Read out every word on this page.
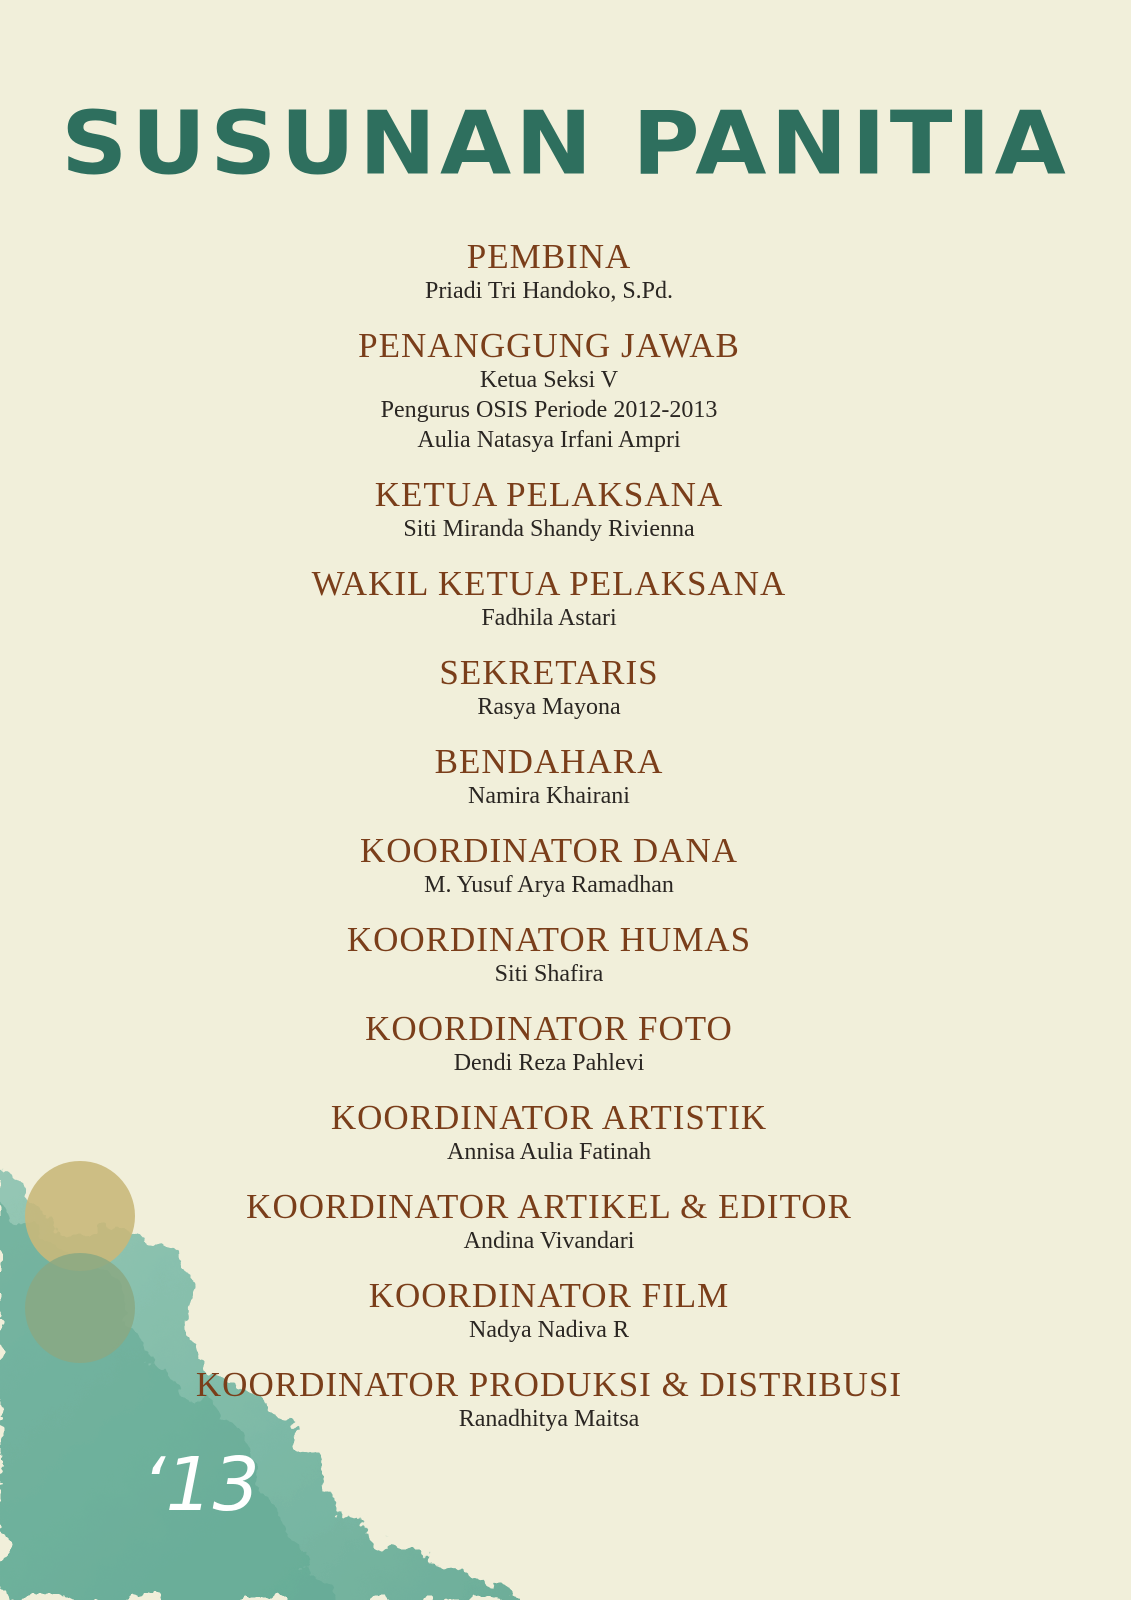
‘13
SUSUNAN PANITIA
PEMBINA
Priadi Tri Handoko, S.Pd.
PENANGGUNG JAWAB
Ketua Seksi V
Pengurus OSIS Periode 2012-2013
Aulia Natasya Irfani Ampri
KETUA PELAKSANA
Siti Miranda Shandy Rivienna
WAKIL KETUA PELAKSANA
Fadhila Astari
SEKRETARIS
Rasya Mayona
BENDAHARA
Namira Khairani
KOORDINATOR DANA
M. Yusuf Arya Ramadhan
KOORDINATOR HUMAS
Siti Shafira
KOORDINATOR FOTO
Dendi Reza Pahlevi
KOORDINATOR ARTISTIK
Annisa Aulia Fatinah
KOORDINATOR ARTIKEL & EDITOR
Andina Vivandari
KOORDINATOR FILM
Nadya Nadiva R
KOORDINATOR PRODUKSI & DISTRIBUSI
Ranadhitya Maitsa
